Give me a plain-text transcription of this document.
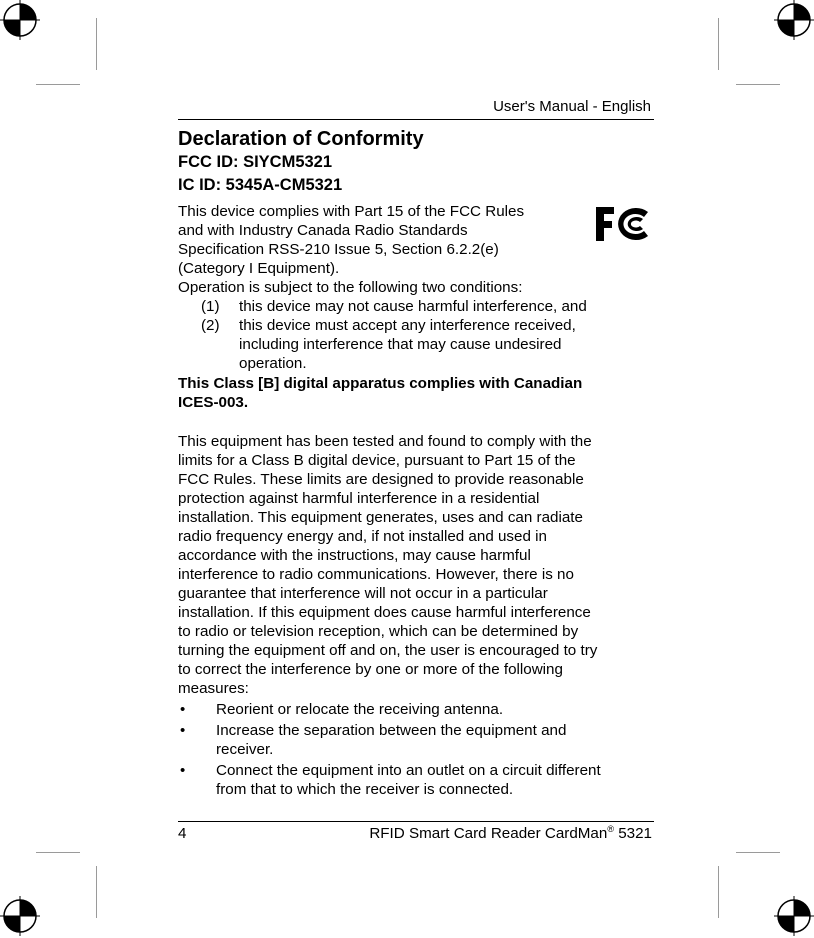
User's Manual - English
Declaration of Conformity
FCC ID: SIYCM5321
IC ID: 5345A-CM5321
This device complies with Part 15 of the FCC Rules
and with Industry Canada Radio Standards
Specification RSS-210 Issue 5, Section 6.2.2(e)
(Category I Equipment).
Operation is subject to the following two conditions:
(1) this device may not cause harmful interference, and
(2) this device must accept any interference received,
including interference that may cause undesired
operation.
This Class [B] digital apparatus complies with Canadian
ICES-003.
This equipment has been tested and found to comply with the
limits for a Class B digital device, pursuant to Part 15 of the
FCC Rules. These limits are designed to provide reasonable
protection against harmful interference in a residential
installation. This equipment generates, uses and can radiate
radio frequency energy and, if not installed and used in
accordance with the instructions, may cause harmful
interference to radio communications. However, there is no
guarantee that interference will not occur in a particular
installation. If this equipment does cause harmful interference
to radio or television reception, which can be determined by
turning the equipment off and on, the user is encouraged to try
to correct the interference by one or more of the following
measures:
• Reorient or relocate the receiving antenna.
• Increase the separation between the equipment and
receiver.
• Connect the equipment into an outlet on a circuit different
from that to which the receiver is connected.
4	RFID Smart Card Reader CardMan® 5321
